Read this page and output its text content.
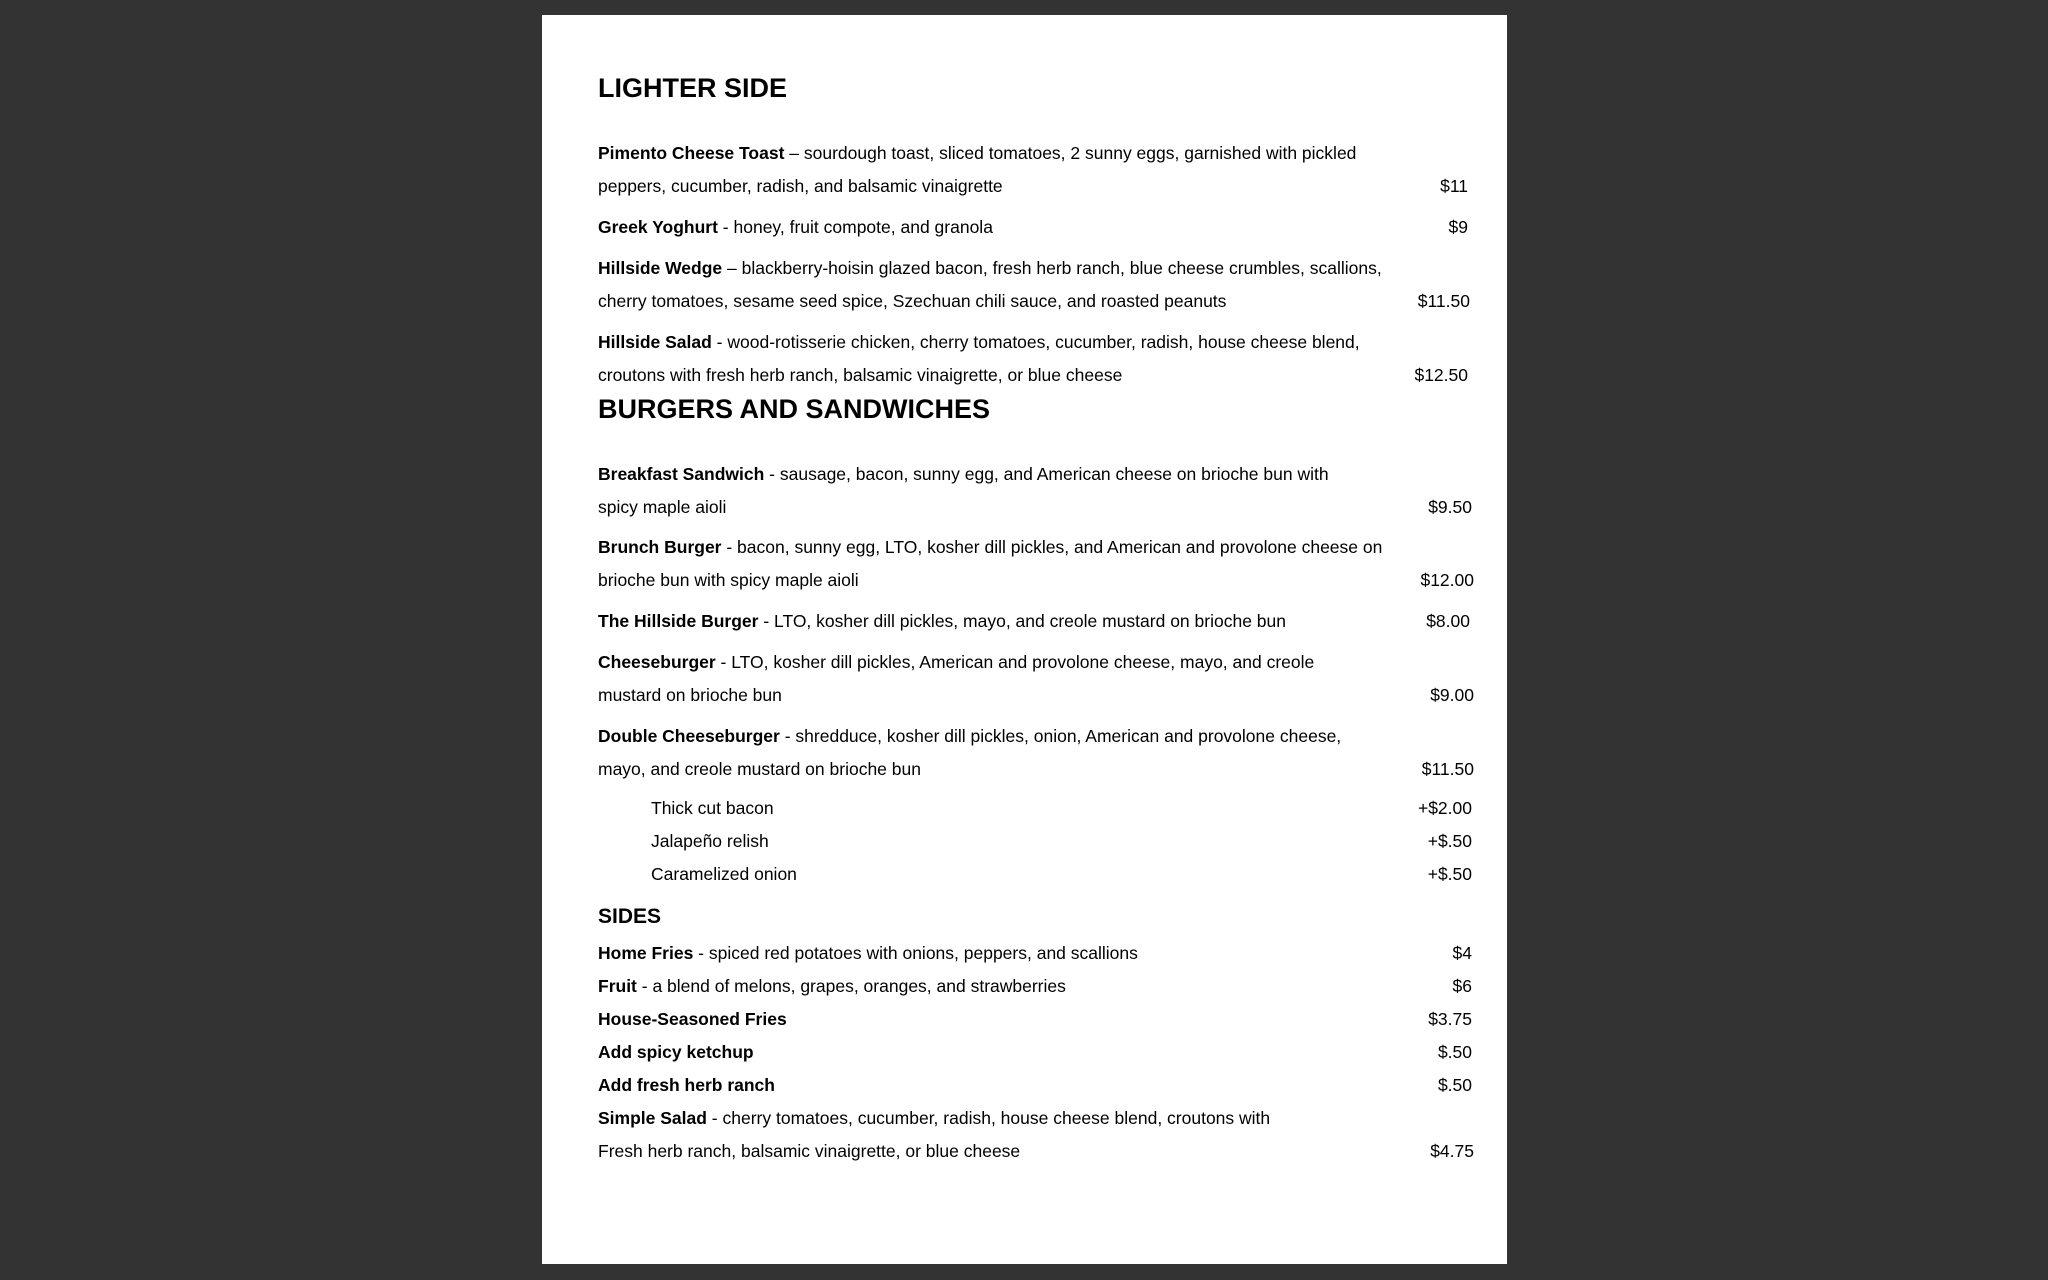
LIGHTER SIDE
Pimento Cheese Toast – sourdough toast, sliced tomatoes, 2 sunny eggs, garnished with pickled peppers, cucumber, radish, and balsamic vinaigrette	$11
Greek Yoghurt - honey, fruit compote, and granola	$9
Hillside Wedge – blackberry-hoisin glazed bacon, fresh herb ranch, blue cheese crumbles, scallions, cherry tomatoes, sesame seed spice, Szechuan chili sauce, and roasted peanuts	$11.50
Hillside Salad - wood-rotisserie chicken, cherry tomatoes, cucumber, radish, house cheese blend, croutons with fresh herb ranch, balsamic vinaigrette, or blue cheese	$12.50
BURGERS AND SANDWICHES
Breakfast Sandwich - sausage, bacon, sunny egg, and American cheese on brioche bun with spicy maple aioli	$9.50
Brunch Burger - bacon, sunny egg, LTO, kosher dill pickles, and American and provolone cheese on brioche bun with spicy maple aioli	$12.00
The Hillside Burger - LTO, kosher dill pickles, mayo, and creole mustard on brioche bun	$8.00
Cheeseburger - LTO, kosher dill pickles, American and provolone cheese, mayo, and creole mustard on brioche bun	$9.00
Double Cheeseburger - shredduce, kosher dill pickles, onion, American and provolone cheese, mayo, and creole mustard on brioche bun	$11.50
Thick cut bacon	+$2.00
Jalapeño relish	+$.50
Caramelized onion	+$.50
SIDES
Home Fries - spiced red potatoes with onions, peppers, and scallions	$4
Fruit - a blend of melons, grapes, oranges, and strawberries	$6
House-Seasoned Fries	$3.75
Add spicy ketchup	$.50
Add fresh herb ranch	$.50
Simple Salad - cherry tomatoes, cucumber, radish, house cheese blend, croutons with Fresh herb ranch, balsamic vinaigrette, or blue cheese	$4.75
